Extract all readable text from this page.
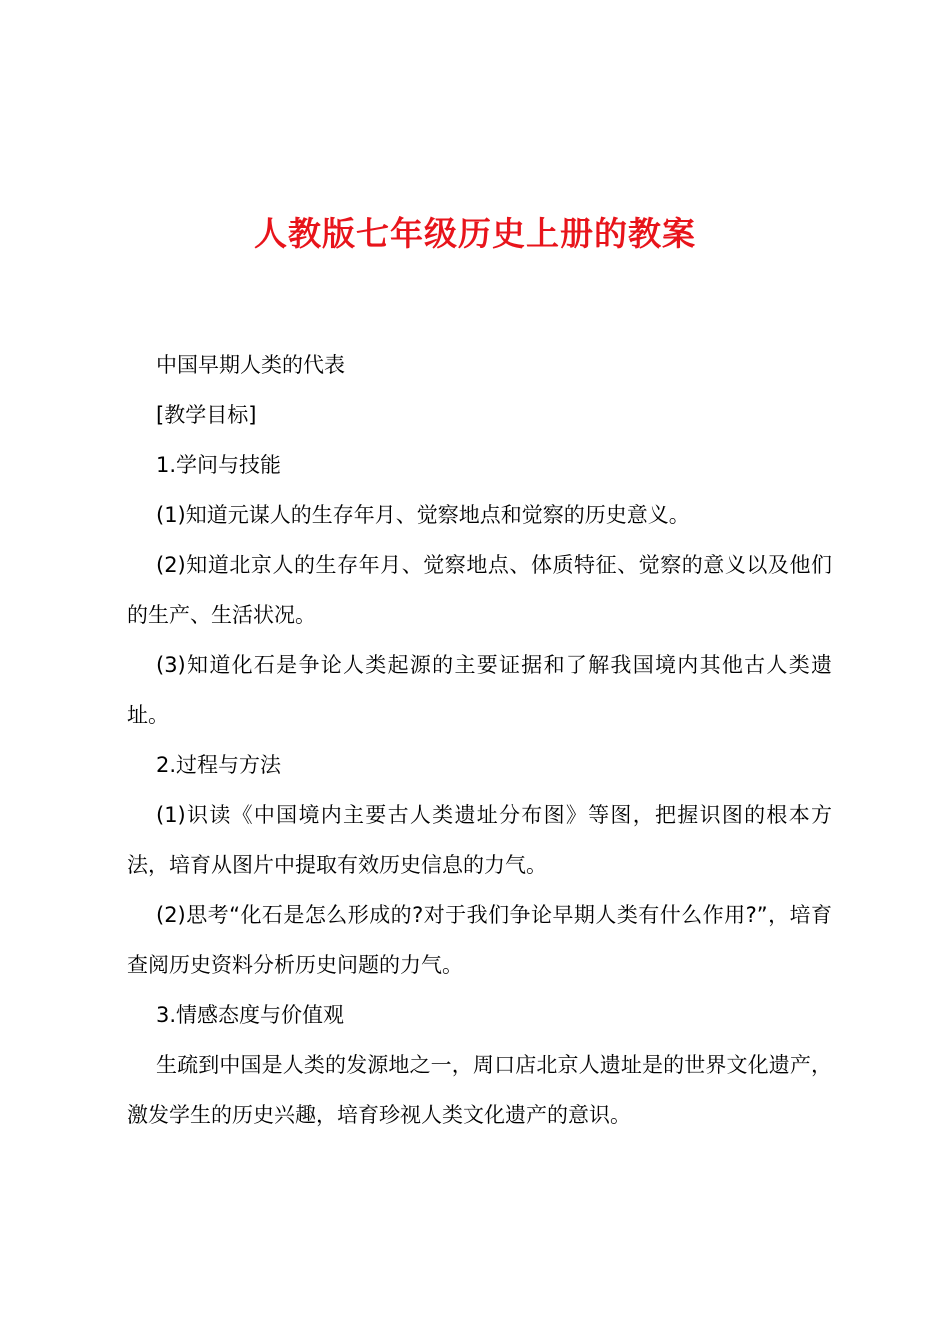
人教版七年级历史上册的教案

中国早期人类的代表

[教学目标]

1.学问与技能

(1)知道元谋人的生存年月、觉察地点和觉察的历史意义。

(2)知道北京人的生存年月、觉察地点、体质特征、觉察的意义以及他们的生产、生活状况。

(3)知道化石是争论人类起源的主要证据和了解我国境内其他古人类遗址。

2.过程与方法

(1)识读《中国境内主要古人类遗址分布图》等图，把握识图的根本方法，培育从图片中提取有效历史信息的力气。

(2)思考“化石是怎么形成的?对于我们争论早期人类有什么作用?”，培育查阅历史资料分析历史问题的力气。

3.情感态度与价值观

生疏到中国是人类的发源地之一，周口店北京人遗址是的世界文化遗产，激发学生的历史兴趣，培育珍视人类文化遗产的意识。
